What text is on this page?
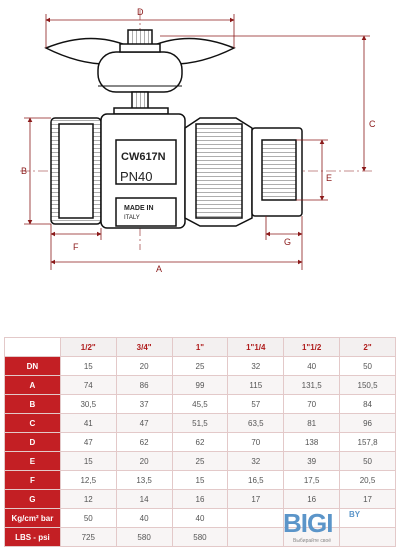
CW617N
PN40
MADE IN
ITALY
D
C
B
E
F	G
A
	1/2"	3/4"	1"	1"1/4	1"1/2	2"
DN	15	20	25	32	40	50
A	74	86	99	115	131,5	150,5
B	30,5	37	45,5	57	70	84
C	41	47	51,5	63,5	81	96
D	47	62	62	70	138	157,8
E	15	20	25	32	39	50
F	12,5	13,5	15	16,5	17,5	20,5
G	12	14	16	17	16	17
Kg/cm² bar	50	40	40			
LBS - psi	725	580	580				BIGI BY
Выбирайте своё
